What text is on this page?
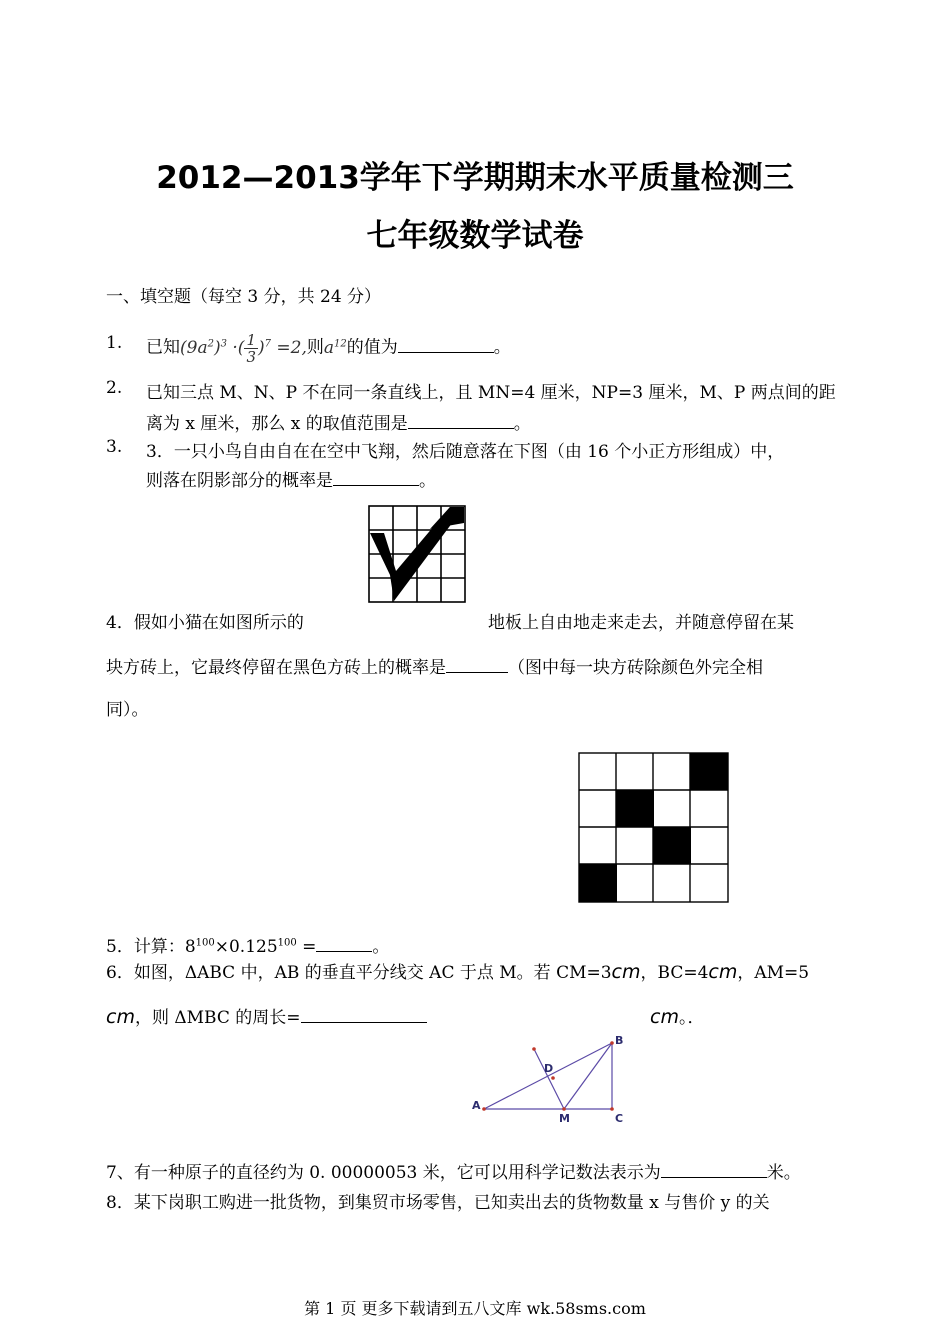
2012—2013学年下学期期末水平质量检测三
七年级数学试卷
一、填空题（每空 3 分，共 24 分）
1. 已知$(9a^2)^3$ ·( $\frac{1}{3})^7 =2$,则$a^{12}$的值为	。
2. 已知三点 M、N、P 不在同一条直线上，且 MN=4 厘米，NP=3 厘米，M、P 两点间的距
离为 x 厘米，那么 x 的取值范围是	。
3. 3．一只小鸟自由自在在空中飞翔，然后随意落在下图（由 16 个小正方形组成）中，
则落在阴影部分的概率是	。
4．假如小猫在如图所示的	地板上自由地走来走去，并随意停留在某
块方砖上，它最终停留在黑色方砖上的概率是	（图中每一块方砖除颜色外完全相
同）。
5．计算：$8^{100}\times 0.125^{100}$ =	。
6．如图，ΔABC 中，AB 的垂直平分线交 AC 于点 M。若 CM=3cm，BC=4cm，AM=5
cm，则 ΔMBC 的周长=	cm。．
A
B
C
D
M
7、有一种原子的直径约为 0. 00000053 米，它可以用科学记数法表示为	米。
8．某下岗职工购进一批货物，到集贸市场零售，已知卖出去的货物数量 x 与售价 y 的关
第 1 页 更多下载请到五八文库 wk.58sms.com
